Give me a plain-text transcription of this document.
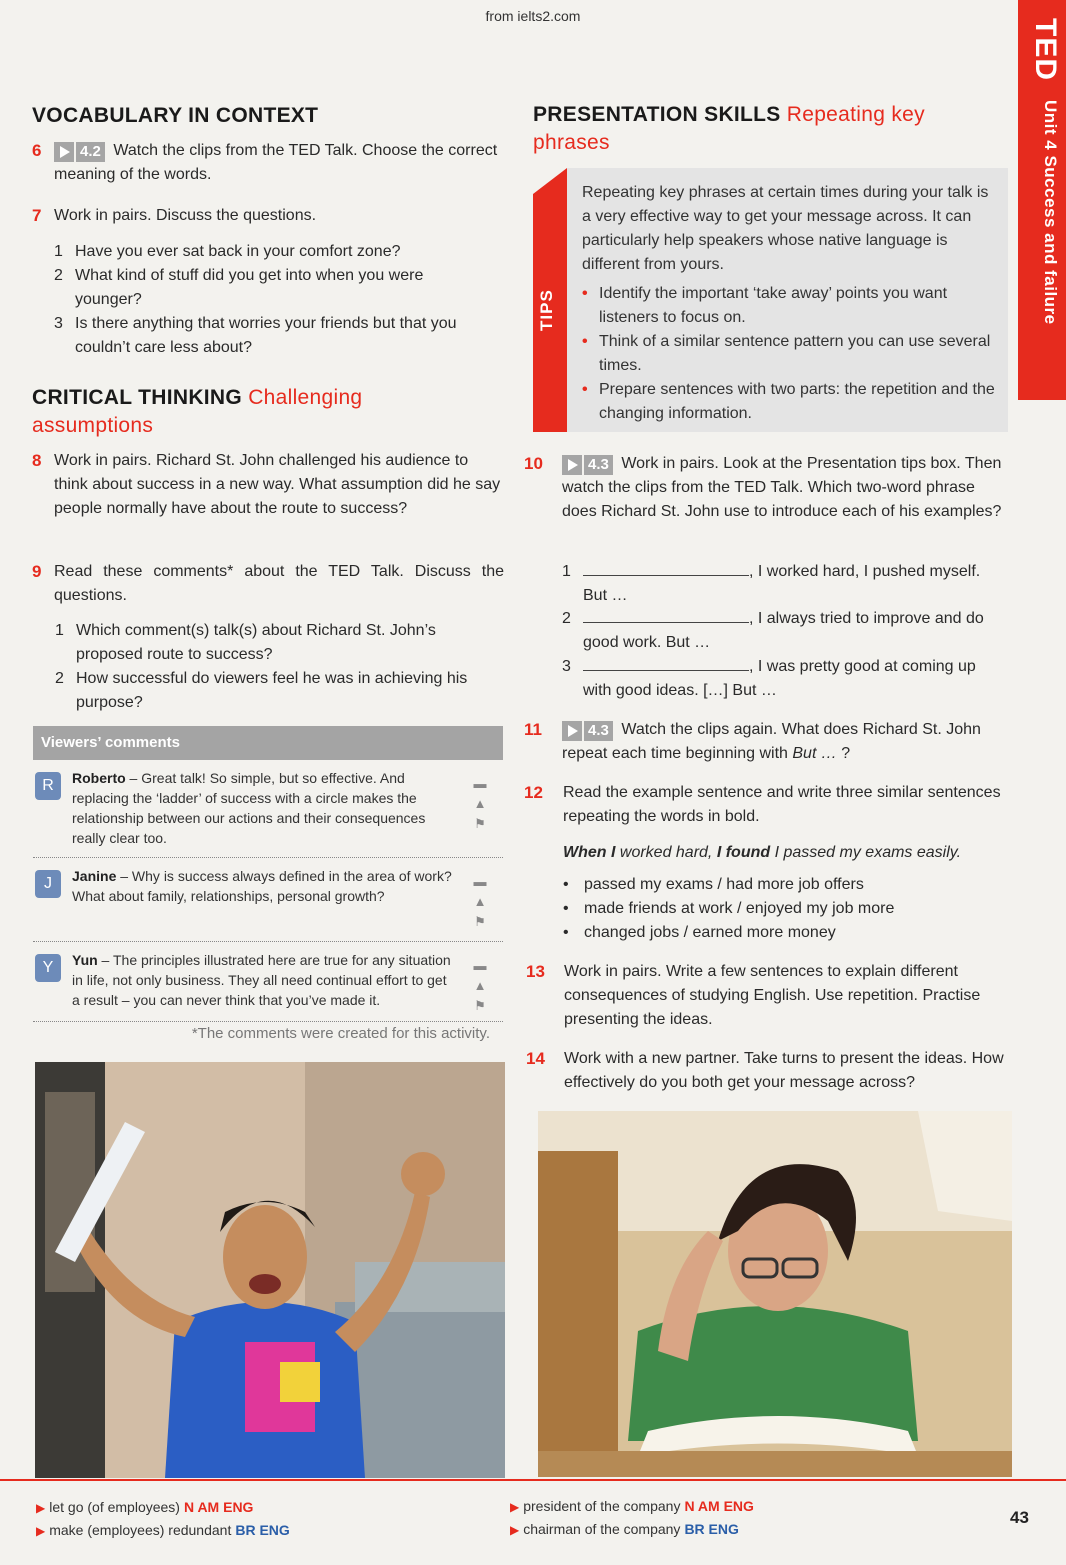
from ielts2.com
TED
Unit 4 Success and failure
VOCABULARY IN CONTEXT
6	4.2 Watch the clips from the TED Talk. Choose the correct meaning of the words.
7 Work in pairs. Discuss the questions.
1 Have you ever sat back in your comfort zone?
2 What kind of stuff did you get into when you were younger?
3 Is there anything that worries your friends but that you couldn’t care less about?
CRITICAL THINKING Challenging assumptions
8 Work in pairs. Richard St. John challenged his audience to think about success in a new way. What assumption did he say people normally have about the route to success?
9 Read these comments* about the TED Talk. Discuss the questions.
1 Which comment(s) talk(s) about Richard St. John’s proposed route to success?
2 How successful do viewers feel he was in achieving his purpose?
Viewers’ comments
R	Roberto – Great talk! So simple, but so effective. And replacing the ‘ladder’ of success with a circle makes the relationship between our actions and their consequences really clear too.
▬
▲
⚑
J	Janine – Why is success always defined in the area of work? What about family, relationships, personal growth?
▬
▲
⚑
Y	Yun – The principles illustrated here are true for any situation in life, not only business. They all need continual effort to get a result – you can never think that you’ve made it.
▬
▲
⚑
*The comments were created for this activity.
PRESENTATION SKILLS Repeating key phrases
TIPS
Repeating key phrases at certain times during your talk is a very effective way to get your message across. It can particularly help speakers whose native language is different from yours.
• Identify the important ‘take away’ points you want listeners to focus on.
• Think of a similar sentence pattern you can use several times.
• Prepare sentences with two parts: the repetition and the changing information.
10	4.3 Work in pairs. Look at the Presentation tips box. Then watch the clips from the TED Talk. Which two-word phrase does Richard St. John use to introduce each of his examples?
1	, I worked hard, I pushed myself.
But …
2	, I always tried to improve and do
good work. But …
3	, I was pretty good at coming up
with good ideas. […] But …
11	4.3 Watch the clips again. What does Richard St. John repeat each time beginning with But … ?
12	Read the example sentence and write three similar sentences repeating the words in bold.
When I worked hard, I found I passed my exams easily.
• passed my exams / had more job offers
• made friends at work / enjoyed my job more
• changed jobs / earned more money
13	Work in pairs. Write a few sentences to explain different consequences of studying English. Use repetition. Practise presenting the ideas.
14	Work with a new partner. Take turns to present the ideas. How effectively do you both get your message across?
▶ let go (of employees) N AM ENG
▶ make (employees) redundant BR ENG
▶ president of the company N AM ENG
▶ chairman of the company BR ENG
43
